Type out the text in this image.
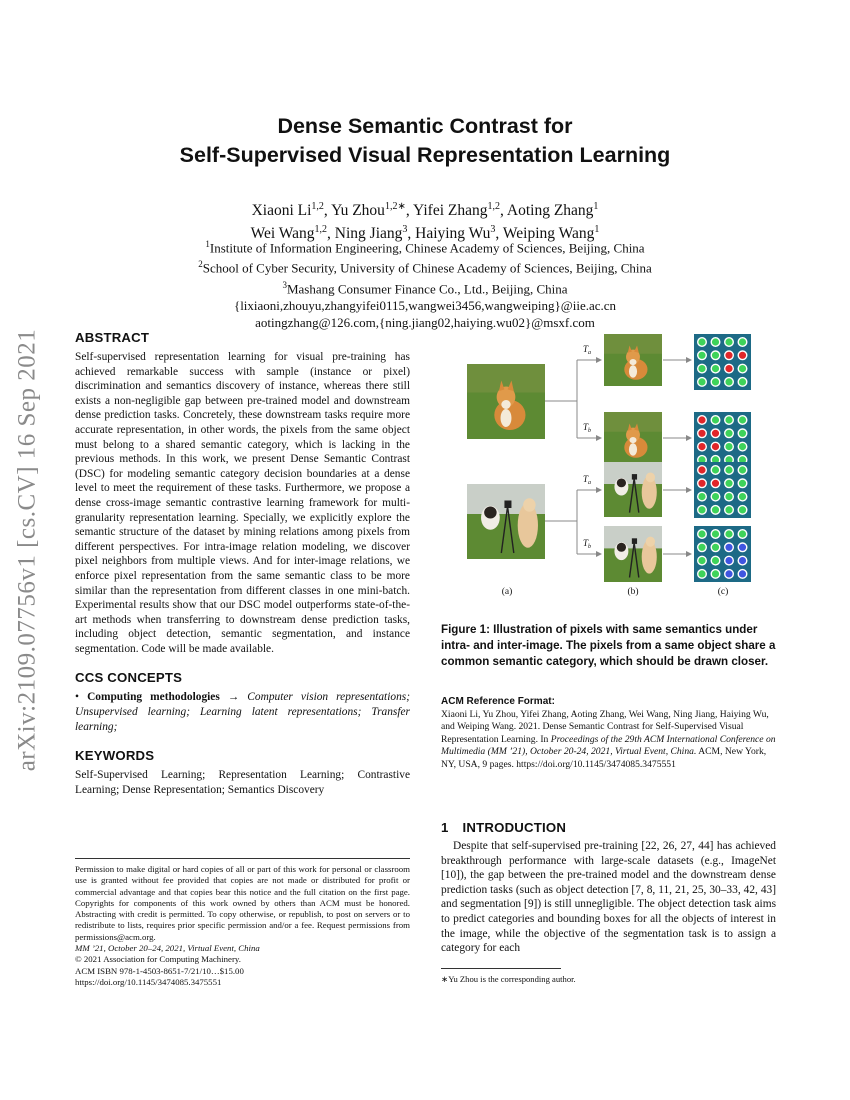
arXiv:2109.07756v1 [cs.CV] 16 Sep 2021
Dense Semantic Contrast for
Self-Supervised Visual Representation Learning
Xiaoni Li$^{1,2}$, Yu Zhou$^{1,2∗}$, Yifei Zhang$^{1,2}$, Aoting Zhang$^1$
Wei Wang$^{1,2}$, Ning Jiang$^3$, Haiying Wu$^3$, Weiping Wang$^1$
$^1$Institute of Information Engineering, Chinese Academy of Sciences, Beijing, China
$^2$School of Cyber Security, University of Chinese Academy of Sciences, Beijing, China
$^3$Mashang Consumer Finance Co., Ltd., Beijing, China
{lixiaoni,zhouyu,zhangyifei0115,wangwei3456,wangweiping}@iie.ac.cn
aotingzhang@126.com,{ning.jiang02,haiying.wu02}@msxf.com
ABSTRACT

Self-supervised representation learning for visual pre-training has achieved remarkable success with sample (instance or pixel) discrimination and semantics discovery of instance, whereas there still exists a non-negligible gap between pre-trained model and downstream dense prediction tasks. Concretely, these downstream tasks require more accurate representation, in other words, the pixels from the same object must belong to a shared semantic category, which is lacking in the previous methods. In this work, we present Dense Semantic Contrast (DSC) for modeling semantic category decision boundaries at a dense level to meet the requirement of these tasks. Furthermore, we propose a dense cross-image semantic contrastive learning framework for multi-granularity representation learning. Specially, we explicitly explore the semantic structure of the dataset by mining relations among pixels from different perspectives. For intra-image relation modeling, we discover pixel neighbors from multiple views. And for inter-image relations, we enforce pixel representation from the same semantic class to be more similar than the representation from different classes in one mini-batch. Experimental results show that our DSC model outperforms state-of-the-art methods when transferring to downstream dense prediction tasks, including object detection, semantic segmentation, and instance segmentation. Code will be made available.

CCS CONCEPTS

• Computing methodologies → Computer vision representations; Unsupervised learning; Learning latent representations; Transfer learning;

KEYWORDS

Self-Supervised Learning; Representation Learning; Contrastive Learning; Dense Representation; Semantics Discovery

Permission to make digital or hard copies of all or part of this work for personal or classroom use is granted without fee provided that copies are not made or distributed for profit or commercial advantage and that copies bear this notice and the full citation on the first page. Copyrights for components of this work owned by others than ACM must be honored. Abstracting with credit is permitted. To copy otherwise, or republish, to post on servers or to redistribute to lists, requires prior specific permission and/or a fee. Request permissions from permissions@acm.org.

MM ’21, October 20–24, 2021, Virtual Event, China

© 2021 Association for Computing Machinery.

ACM ISBN 978-1-4503-8651-7/21/10…$15.00

https://doi.org/10.1145/3474085.3475551

$T_a$
$T_b$
$T_a$
$T_b$
(a)	(b)	(c)
Figure 1: Illustration of pixels with same semantics under intra- and inter-image. The pixels from a same object share a common semantic category, which should be drawn closer.
ACM Reference Format:

Xiaoni Li, Yu Zhou, Yifei Zhang, Aoting Zhang, Wei Wang, Ning Jiang, Haiying Wu, and Weiping Wang. 2021. Dense Semantic Contrast for Self-Supervised Visual Representation Learning. In Proceedings of the 29th ACM International Conference on Multimedia (MM ’21), October 20-24, 2021, Virtual Event, China. ACM, New York, NY, USA, 9 pages. https://doi.org/10.1145/3474085.3475551

1 INTRODUCTION

Despite that self-supervised pre-training [22, 26, 27, 44] has achieved breakthrough performance with large-scale datasets (e.g., ImageNet [10]), the gap between the pre-trained model and the downstream dense prediction tasks (such as object detection [7, 8, 11, 21, 25, 30–33, 42, 43] and segmentation [9]) is still unnegligible. The object detection task aims to predict categories and bounding boxes for all the objects of interest in the image, while the objective of the segmentation task is to assign a category for each

∗Yu Zhou is the corresponding author.
